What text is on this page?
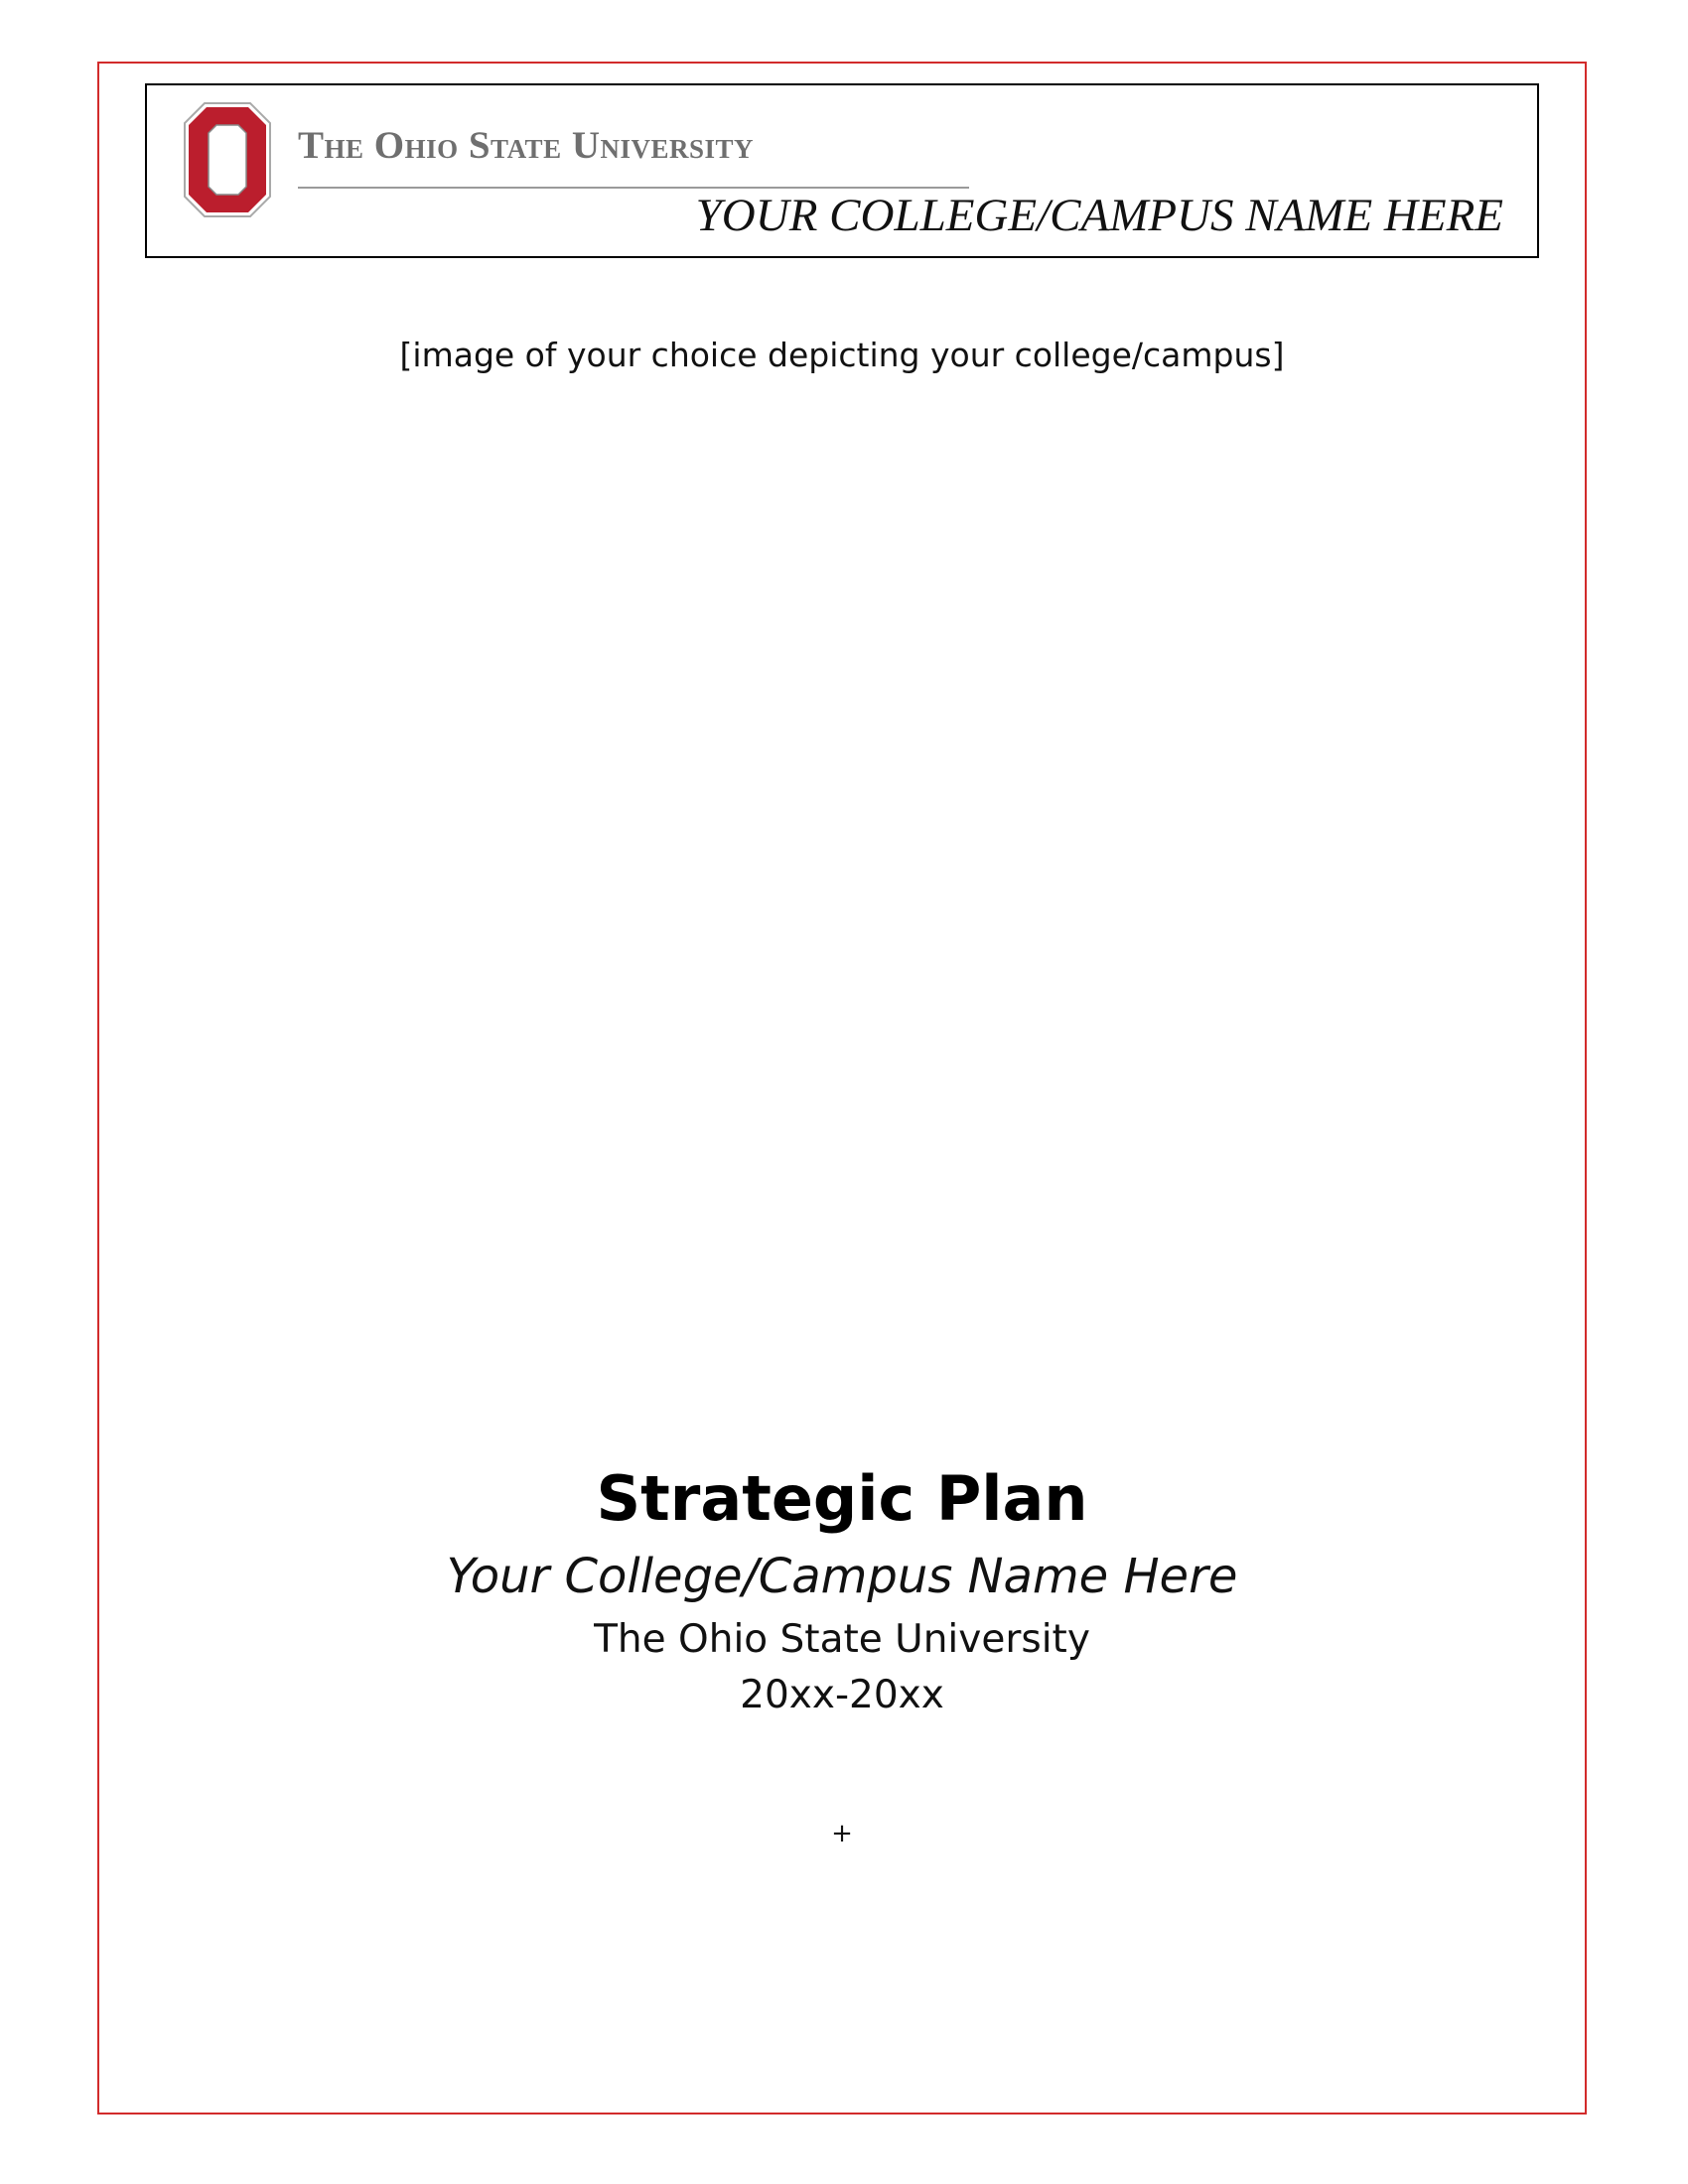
The Ohio State University
YOUR COLLEGE/CAMPUS NAME HERE
[image of your choice depicting your college/campus]
Strategic Plan
Your College/Campus Name Here
The Ohio State University
20xx-20xx
+
